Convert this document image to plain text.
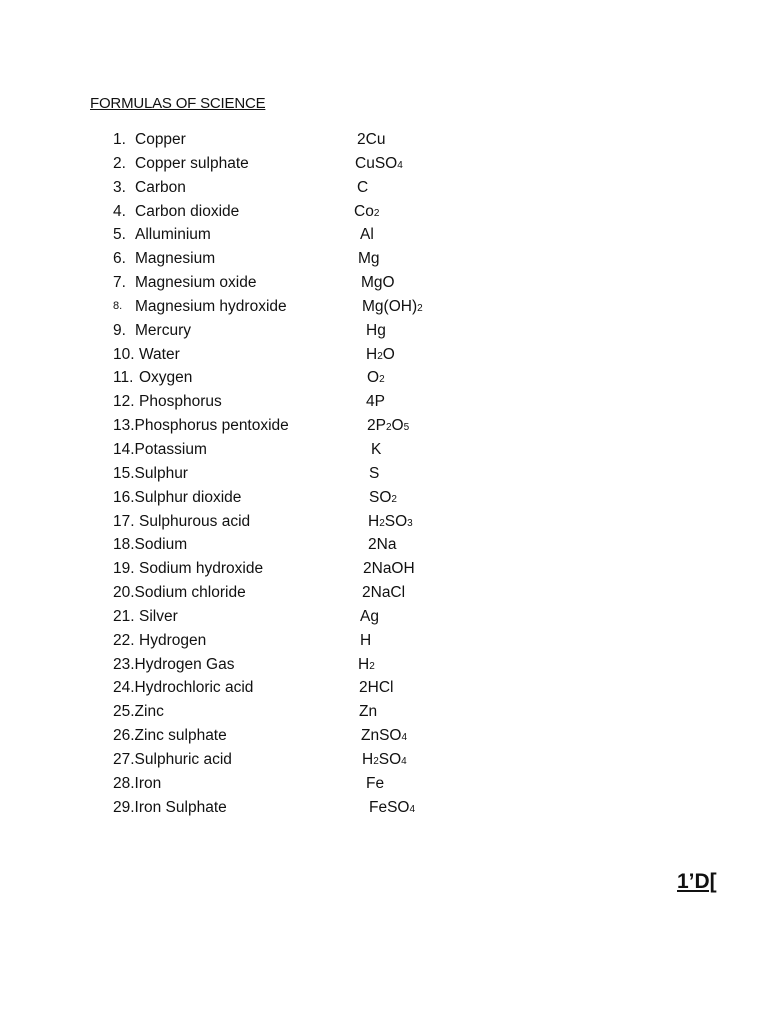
FORMULAS OF SCIENCE
1. Copper	2Cu
2. Copper sulphate	CuSO4
3. Carbon	C
4. Carbon dioxide	Co2
5. Alluminium	Al
6. Magnesium	Mg
7. Magnesium oxide	MgO
8. Magnesium hydroxide	Mg(OH)2
9. Mercury	Hg
10. Water	H2O
11. Oxygen	O2
12. Phosphorus	4P
13.Phosphorus pentoxide	2P2O5
14.Potassium	K
15.Sulphur	S
16.Sulphur dioxide	SO2
17. Sulphurous acid	H2SO3
18.Sodium	2Na
19. Sodium hydroxide	2NaOH
20.Sodium chloride	2NaCl
21. Silver	Ag
22. Hydrogen	H
23.Hydrogen Gas	H2
24.Hydrochloric acid	2HCl
25.Zinc	Zn
26.Zinc sulphate	ZnSO4
27.Sulphuric acid	H2SO4
28.Iron	Fe
29.Iron Sulphate	FeSO4
1’D[
